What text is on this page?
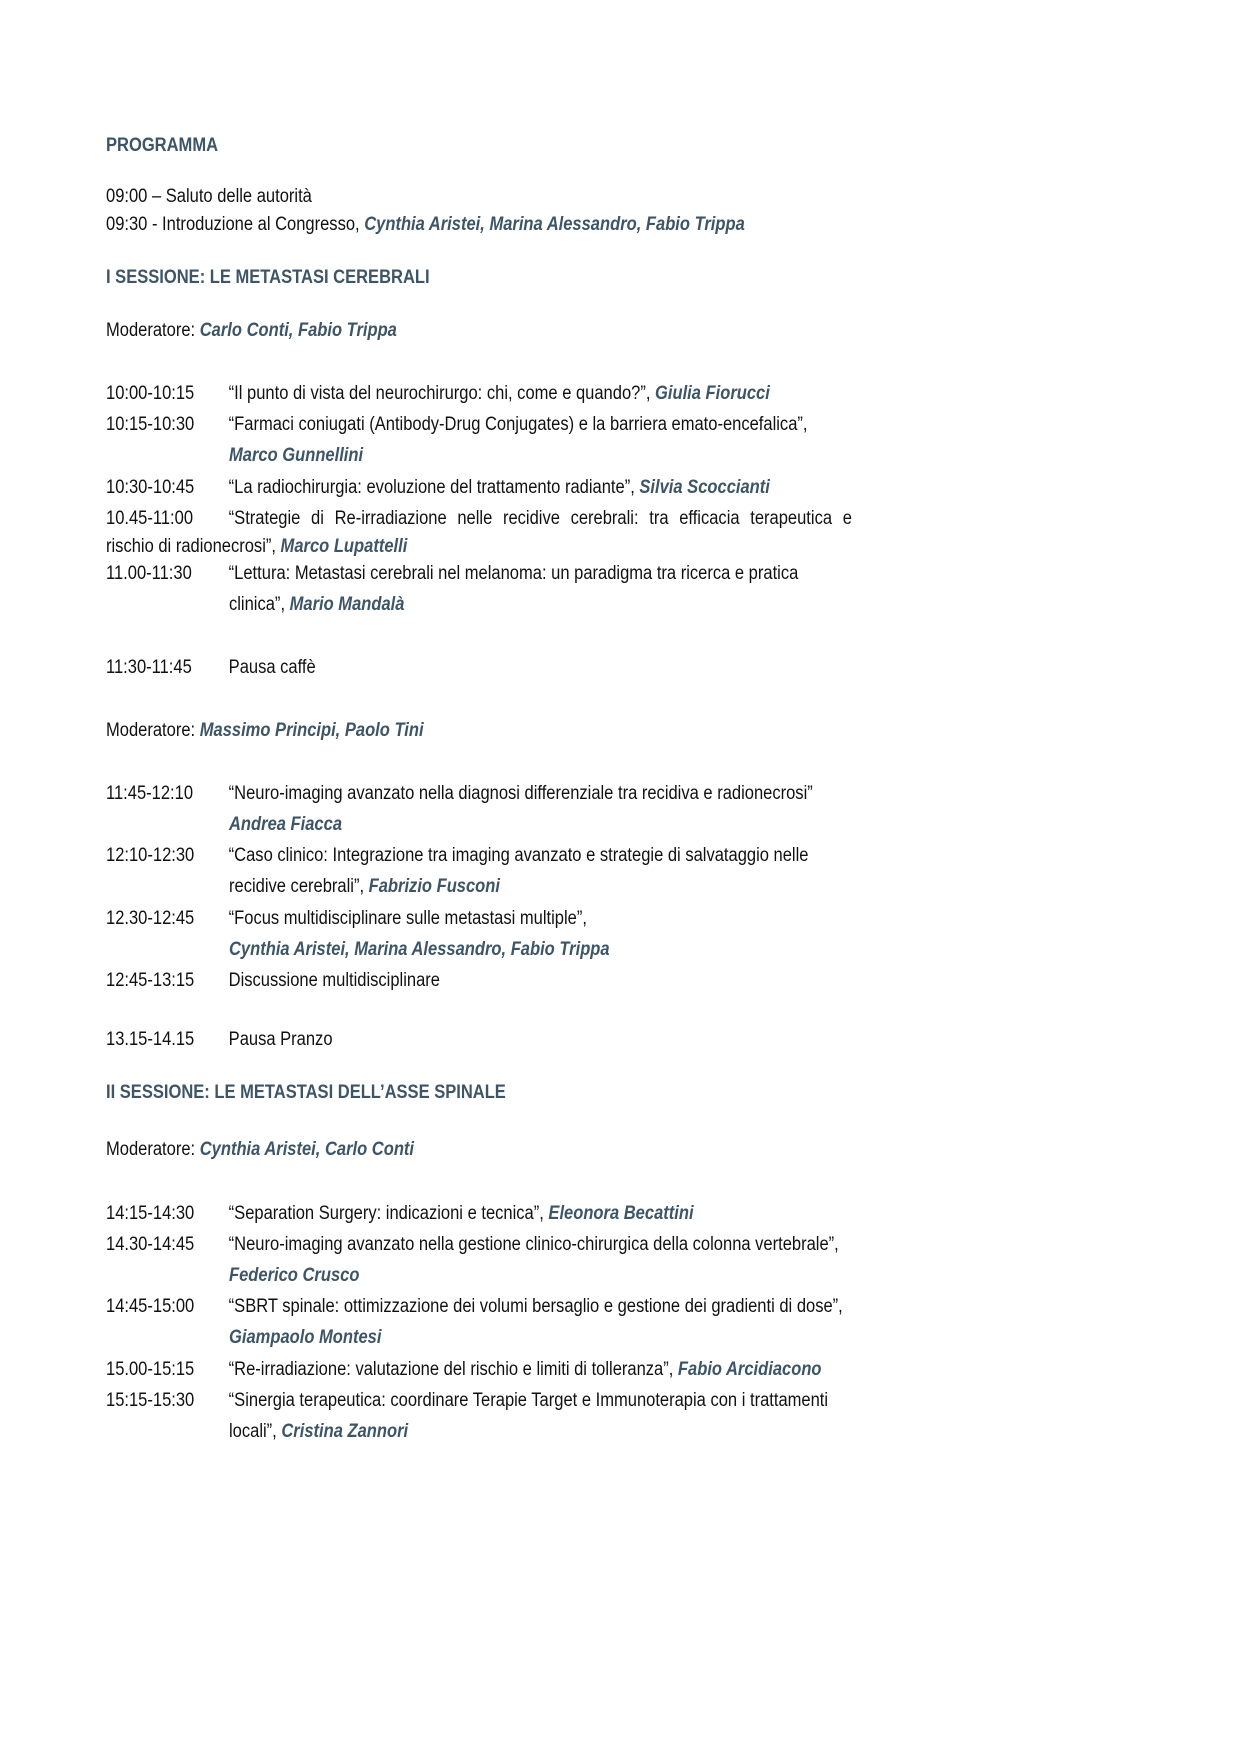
PROGRAMMA
09:00 – Saluto delle autorità
09:30 - Introduzione al Congresso, Cynthia Aristei, Marina Alessandro, Fabio Trippa
I SESSIONE: LE METASTASI CEREBRALI
Moderatore: Carlo Conti, Fabio Trippa
10:00-10:15 “Il punto di vista del neurochirurgo: chi, come e quando?”, Giulia Fiorucci
10:15-10:30 “Farmaci coniugati (Antibody-Drug Conjugates) e la barriera emato-encefalica”,
Marco Gunnellini
10:30-10:45 “La radiochirurgia: evoluzione del trattamento radiante”, Silvia Scoccianti
10.45-11:00 “Strategie di Re-irradiazione nelle recidive cerebrali: tra efficacia terapeutica e
rischio di radionecrosi”, Marco Lupattelli
11.00-11:30 “Lettura: Metastasi cerebrali nel melanoma: un paradigma tra ricerca e pratica
clinica”, Mario Mandalà
11:30-11:45 Pausa caffè
Moderatore: Massimo Principi, Paolo Tini
11:45-12:10 “Neuro-imaging avanzato nella diagnosi differenziale tra recidiva e radionecrosi”
Andrea Fiacca
12:10-12:30 “Caso clinico: Integrazione tra imaging avanzato e strategie di salvataggio nelle
recidive cerebrali”, Fabrizio Fusconi
12.30-12:45 “Focus multidisciplinare sulle metastasi multiple”,
Cynthia Aristei, Marina Alessandro, Fabio Trippa
12:45-13:15 Discussione multidisciplinare
13.15-14.15 Pausa Pranzo
II SESSIONE: LE METASTASI DELL’ASSE SPINALE
Moderatore: Cynthia Aristei, Carlo Conti
14:15-14:30 “Separation Surgery: indicazioni e tecnica”, Eleonora Becattini
14.30-14:45 “Neuro-imaging avanzato nella gestione clinico-chirurgica della colonna vertebrale”,
Federico Crusco
14:45-15:00 “SBRT spinale: ottimizzazione dei volumi bersaglio e gestione dei gradienti di dose”,
Giampaolo Montesi
15.00-15:15 “Re-irradiazione: valutazione del rischio e limiti di tolleranza”, Fabio Arcidiacono
15:15-15:30 “Sinergia terapeutica: coordinare Terapie Target e Immunoterapia con i trattamenti
locali”, Cristina Zannori
